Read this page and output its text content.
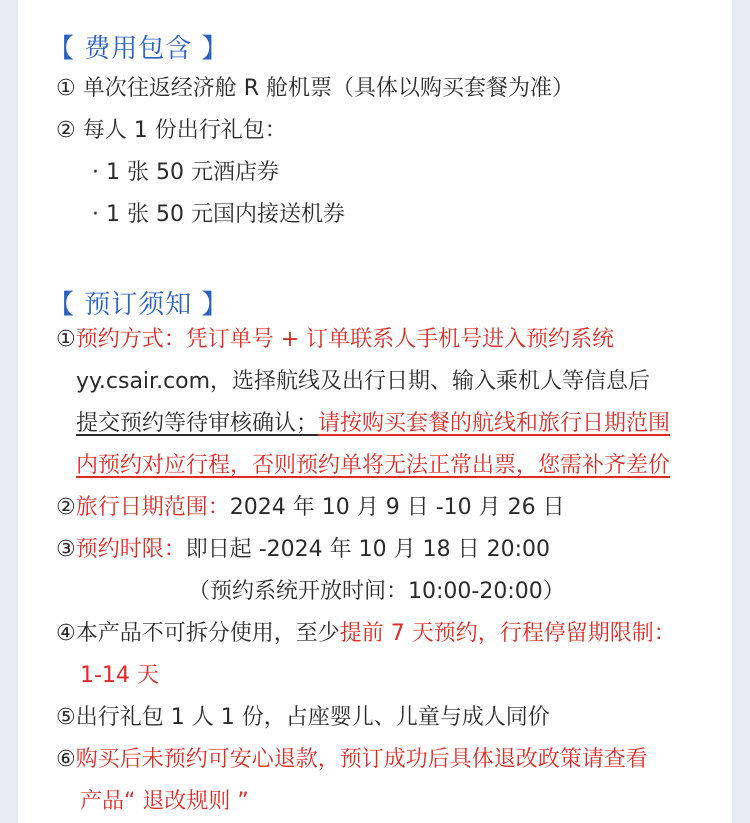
【 费用包含 】
① 单次往返经济舱 R 舱机票（具体以购买套餐为准）
② 每人 1 份出行礼包：
· 1 张 50 元酒店券
· 1 张 50 元国内接送机券
【 预订须知 】
①预约方式：凭订单号 + 订单联系人手机号进入预约系统
yy.csair.com，选择航线及出行日期、输入乘机人等信息后
提交预约等待审核确认；请按购买套餐的航线和旅行日期范围
内预约对应行程，否则预约单将无法正常出票，您需补齐差价
②旅行日期范围：2024 年 10 月 9 日 -10 月 26 日
③预约时限：即日起 -2024 年 10 月 18 日 20:00
（预约系统开放时间：10:00-20:00）
④本产品不可拆分使用，至少提前 7 天预约，行程停留期限制：
1-14 天
⑤出行礼包 1 人 1 份，占座婴儿、儿童与成人同价
⑥购买后未预约可安心退款，预订成功后具体退改政策请查看
产品“ 退改规则 ”
